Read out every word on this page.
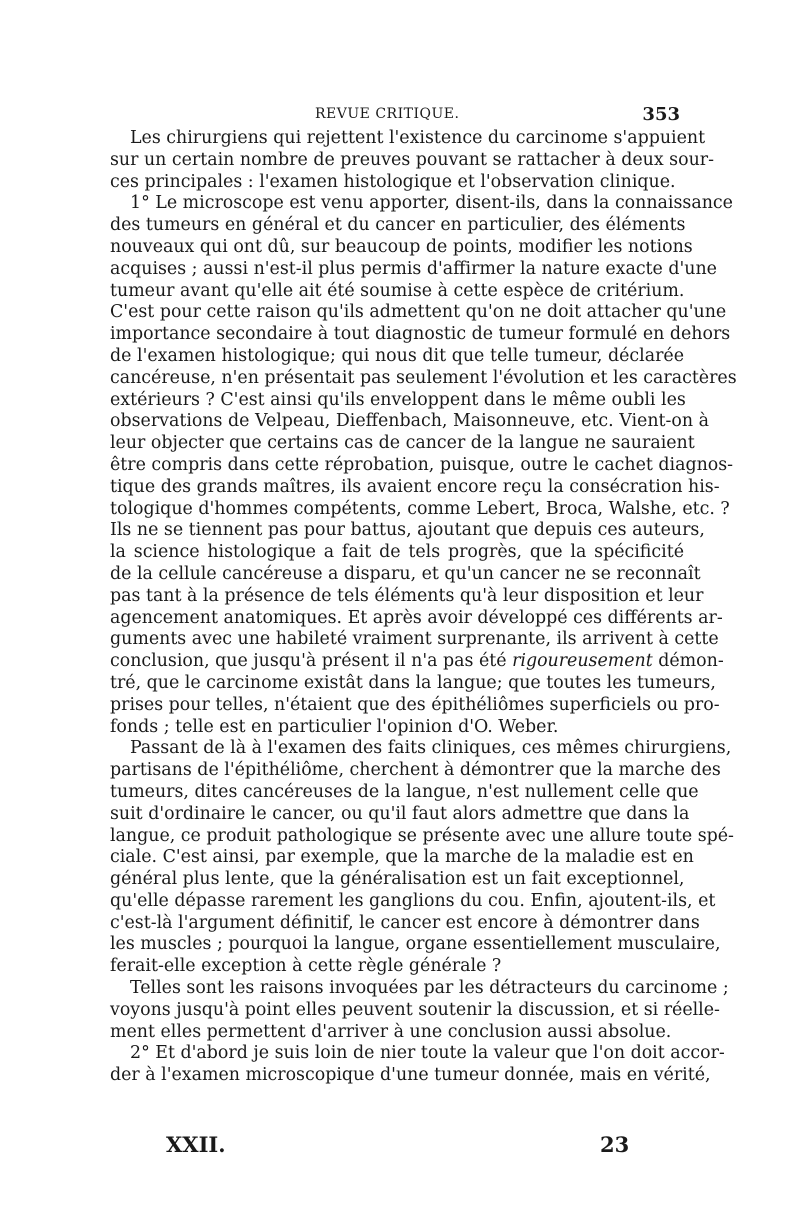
REVUE CRITIQUE.	353
Les chirurgiens qui rejettent l'existence du carcinome s'appuient
sur un certain nombre de preuves pouvant se rattacher à deux sour-
ces principales : l'examen histologique et l'observation clinique.
1° Le microscope est venu apporter, disent-ils, dans la connaissance
des tumeurs en général et du cancer en particulier, des éléments
nouveaux qui ont dû, sur beaucoup de points, modifier les notions
acquises ; aussi n'est-il plus permis d'affirmer la nature exacte d'une
tumeur avant qu'elle ait été soumise à cette espèce de critérium.
C'est pour cette raison qu'ils admettent qu'on ne doit attacher qu'une
importance secondaire à tout diagnostic de tumeur formulé en dehors
de l'examen histologique; qui nous dit que telle tumeur, déclarée
cancéreuse, n'en présentait pas seulement l'évolution et les caractères
extérieurs ? C'est ainsi qu'ils enveloppent dans le même oubli les
observations de Velpeau, Dieffenbach, Maisonneuve, etc. Vient-on à
leur objecter que certains cas de cancer de la langue ne sauraient
être compris dans cette réprobation, puisque, outre le cachet diagnos-
tique des grands maîtres, ils avaient encore reçu la consécration his-
tologique d'hommes compétents, comme Lebert, Broca, Walshe, etc. ?
Ils ne se tiennent pas pour battus, ajoutant que depuis ces auteurs,
la science histologique a fait de tels progrès, que la spécificité
de la cellule cancéreuse a disparu, et qu'un cancer ne se reconnaît
pas tant à la présence de tels éléments qu'à leur disposition et leur
agencement anatomiques. Et après avoir développé ces différents ar-
guments avec une habileté vraiment surprenante, ils arrivent à cette
conclusion, que jusqu'à présent il n'a pas été rigoureusement démon-
tré, que le carcinome existât dans la langue; que toutes les tumeurs,
prises pour telles, n'étaient que des épithéliômes superficiels ou pro-
fonds ; telle est en particulier l'opinion d'O. Weber.
Passant de là à l'examen des faits cliniques, ces mêmes chirurgiens,
partisans de l'épithéliôme, cherchent à démontrer que la marche des
tumeurs, dites cancéreuses de la langue, n'est nullement celle que
suit d'ordinaire le cancer, ou qu'il faut alors admettre que dans la
langue, ce produit pathologique se présente avec une allure toute spé-
ciale. C'est ainsi, par exemple, que la marche de la maladie est en
général plus lente, que la généralisation est un fait exceptionnel,
qu'elle dépasse rarement les ganglions du cou. Enfin, ajoutent-ils, et
c'est-là l'argument définitif, le cancer est encore à démontrer dans
les muscles ; pourquoi la langue, organe essentiellement musculaire,
ferait-elle exception à cette règle générale ?
Telles sont les raisons invoquées par les détracteurs du carcinome ;
voyons jusqu'à point elles peuvent soutenir la discussion, et si réelle-
ment elles permettent d'arriver à une conclusion aussi absolue.
2° Et d'abord je suis loin de nier toute la valeur que l'on doit accor-
der à l'examen microscopique d'une tumeur donnée, mais en vérité,
XXII.	23
